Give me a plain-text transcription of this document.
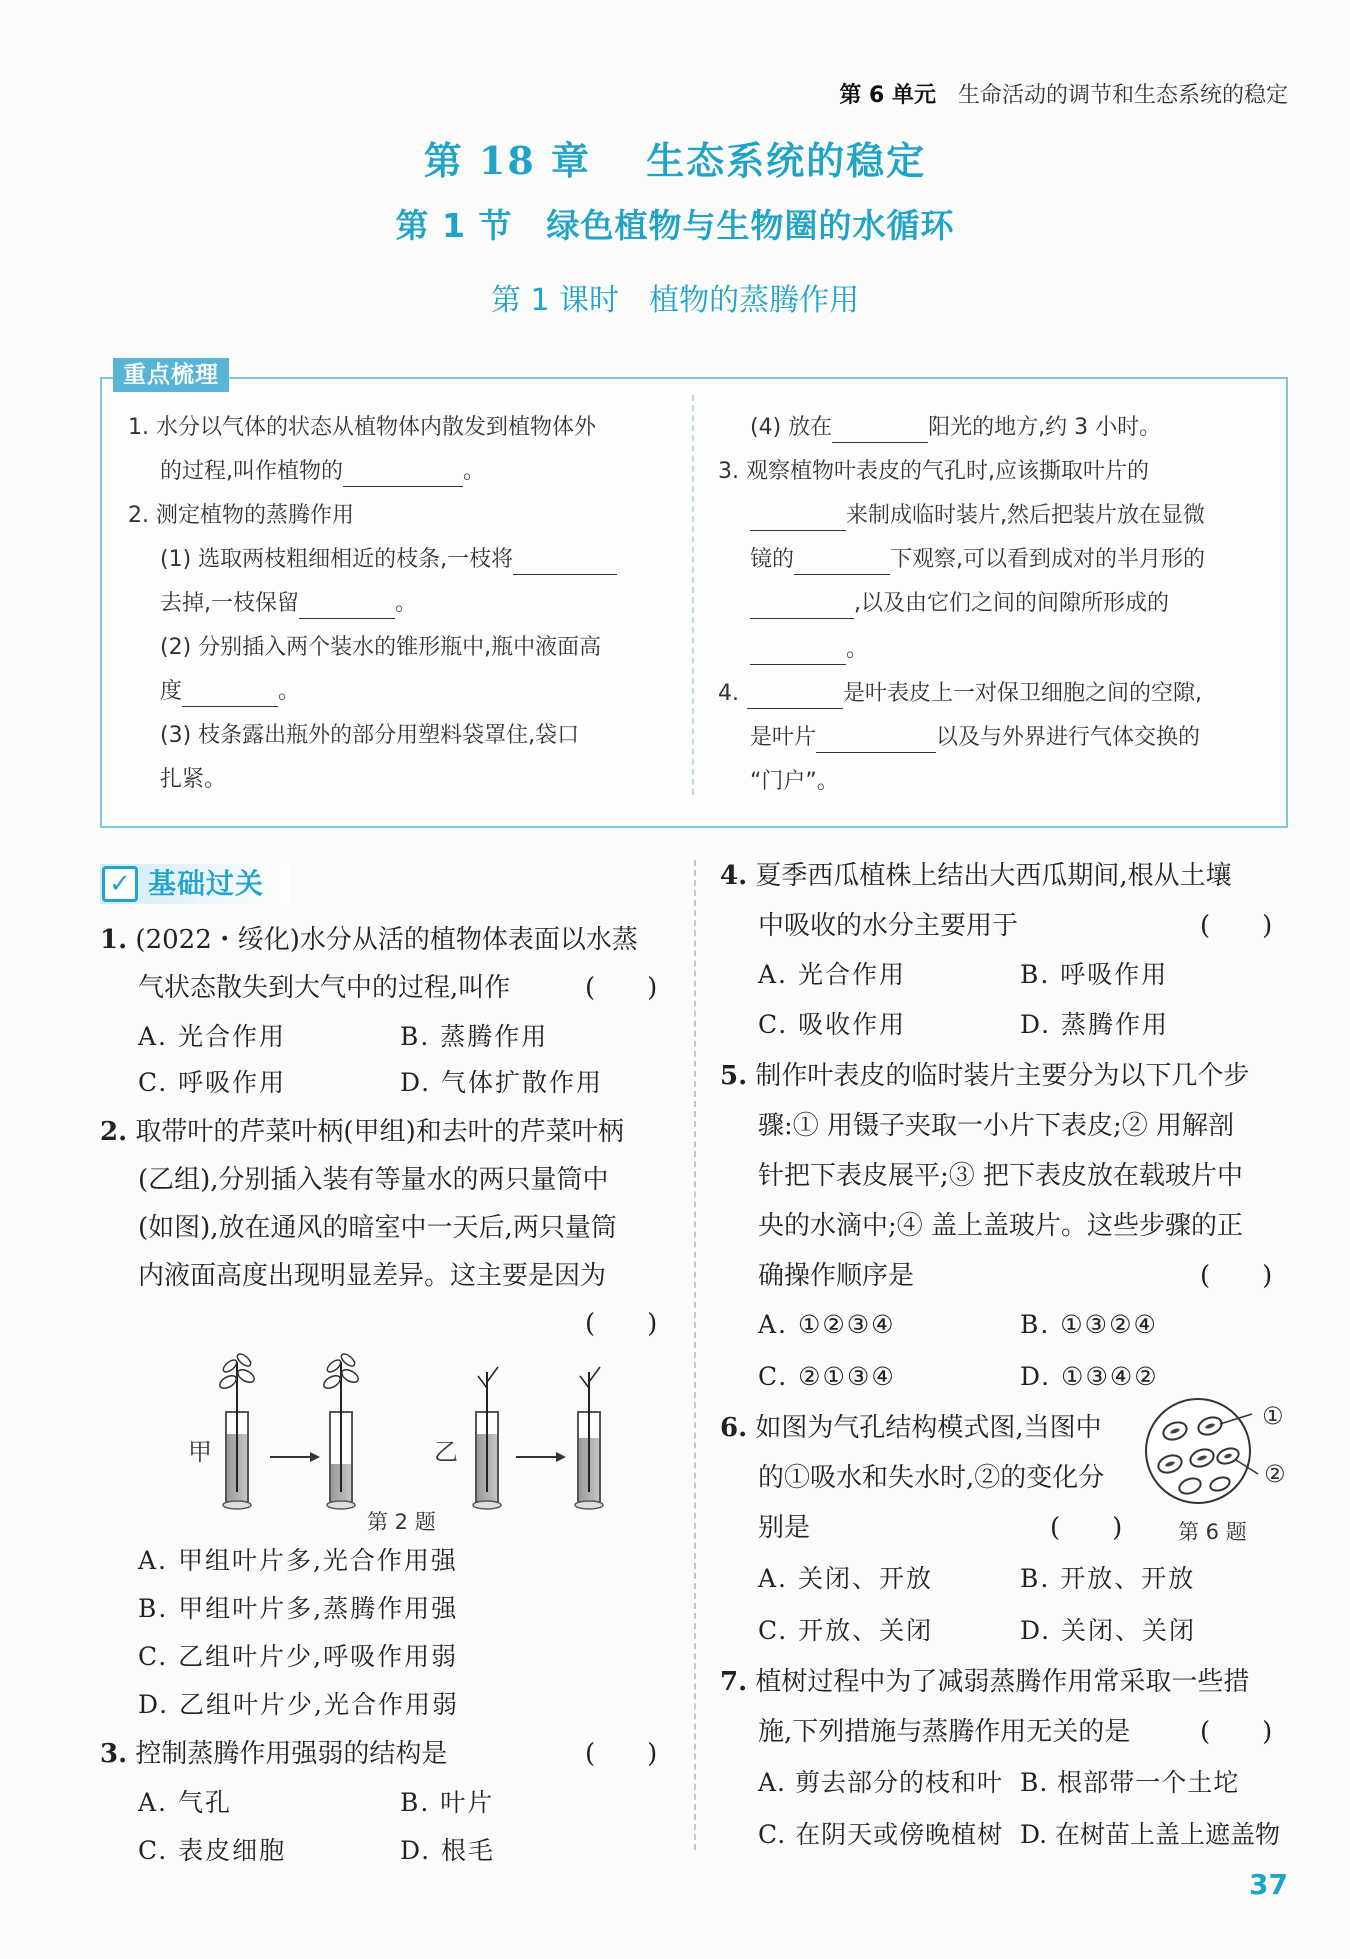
第 6 单元 生命活动的调节和生态系统的稳定
第 18 章　 生态系统的稳定
第 1 节　绿色植物与生物圈的水循环
第 1 课时　植物的蒸腾作用
重点梳理
1. 水分以气体的状态从植物体内散发到植物体外
的过程,叫作植物的	。
2. 测定植物的蒸腾作用
(1) 选取两枝粗细相近的枝条,一枝将
去掉,一枝保留	。
(2) 分别插入两个装水的锥形瓶中,瓶中液面高
度	。
(3) 枝条露出瓶外的部分用塑料袋罩住,袋口
扎紧。
(4) 放在	阳光的地方,约 3 小时。
3. 观察植物叶表皮的气孔时,应该撕取叶片的
来制成临时装片,然后把装片放在显微
镜的	下观察,可以看到成对的半月形的
,以及由它们之间的间隙所形成的
。
4.	是叶表皮上一对保卫细胞之间的空隙,
是叶片	以及与外界进行气体交换的
“门户”。
✓ 基础过关
1. (2022・绥化)水分从活的植物体表面以水蒸
气状态散失到大气中的过程,叫作	(　　)
A. 光合作用	B. 蒸腾作用
C. 呼吸作用	D. 气体扩散作用
2. 取带叶的芹菜叶柄(甲组)和去叶的芹菜叶柄
(乙组),分别插入装有等量水的两只量筒中
(如图),放在通风的暗室中一天后,两只量筒
内液面高度出现明显差异。这主要是因为
(　　)
甲	乙
第 2 题
A. 甲组叶片多,光合作用强
B. 甲组叶片多,蒸腾作用强
C. 乙组叶片少,呼吸作用弱
D. 乙组叶片少,光合作用弱
3. 控制蒸腾作用强弱的结构是	(　　)
A. 气孔	B. 叶片
C. 表皮细胞	D. 根毛
4. 夏季西瓜植株上结出大西瓜期间,根从土壤
中吸收的水分主要用于	(　　)
A. 光合作用	B. 呼吸作用
C. 吸收作用	D. 蒸腾作用
5. 制作叶表皮的临时装片主要分为以下几个步
骤:① 用镊子夹取一小片下表皮;② 用解剖
针把下表皮展平;③ 把下表皮放在载玻片中
央的水滴中;④ 盖上盖玻片。这些步骤的正
确操作顺序是	(　　)
A. ①②③④	B. ①③②④
C. ②①③④	D. ①③④②
6. 如图为气孔结构模式图,当图中
的①吸水和失水时,②的变化分
别是	(　　)
①
②
第 6 题
A. 关闭、开放	B. 开放、开放
C. 开放、关闭	D. 关闭、关闭
7. 植树过程中为了减弱蒸腾作用常采取一些措
施,下列措施与蒸腾作用无关的是	(　　)
A. 剪去部分的枝和叶 B. 根部带一个土坨
C. 在阴天或傍晚植树 D. 在树苗上盖上遮盖物
37
